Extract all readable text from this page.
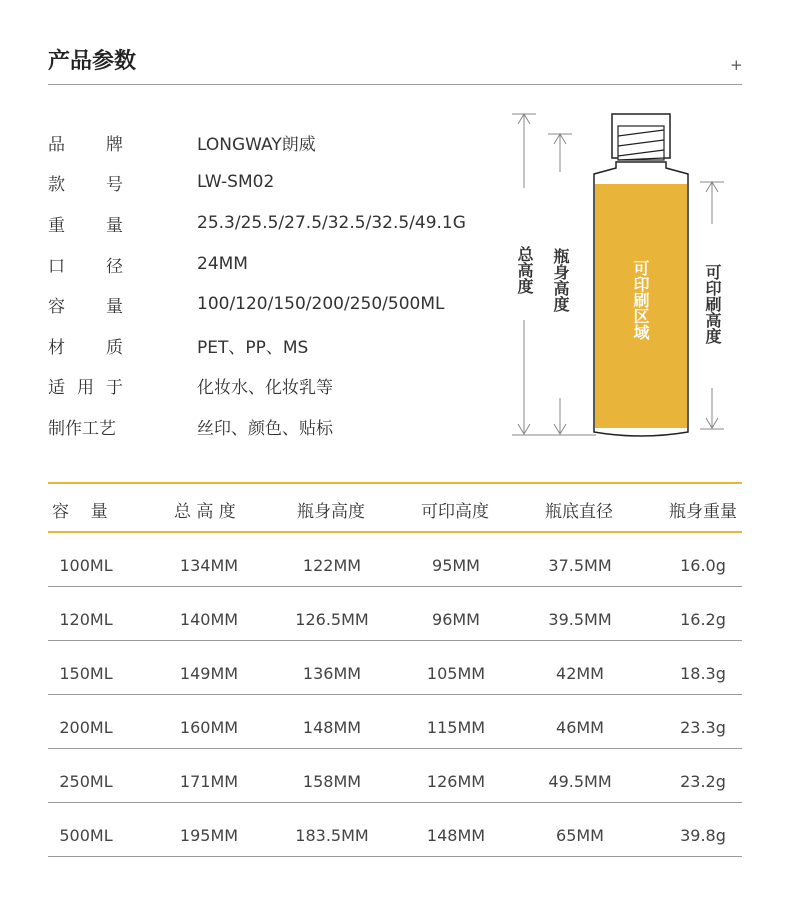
产品参数	+
品 牌	LONGWAY朗威
款 号	LW-SM02
重 量	25.3/25.5/27.5/32.5/32.5/49.1G
口 径	24MM
容 量	100/120/150/200/250/500ML
材 质	PET、PP、MS
适 用 于	化妆水、化妆乳等
制作工艺	丝印、颜色、贴标
总高度 瓶身高度	可印刷区域	可印刷高度
容    量	总 高 度	瓶身高度	可印高度	瓶底直径	瓶身重量
100ML	134MM	122MM	95MM	37.5MM	16.0g
120ML	140MM	126.5MM	96MM	39.5MM	16.2g
150ML	149MM	136MM	105MM	42MM	18.3g
200ML	160MM	148MM	115MM	46MM	23.3g
250ML	171MM	158MM	126MM	49.5MM	23.2g
500ML	195MM	183.5MM	148MM	65MM	39.8g
